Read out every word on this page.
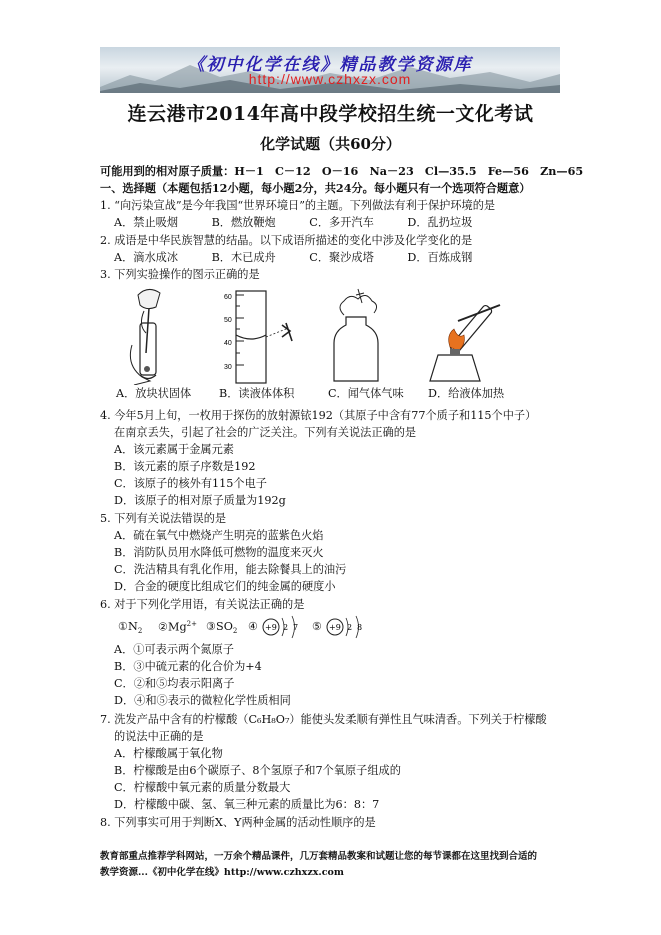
《初中化学在线》精品教学资源库
http://www.czhxzx.com
连云港市2014年高中段学校招生统一文化考试
化学试题（共60分）
可能用到的相对原子质量：H－1　C－12　O－16　Na－23　Cl—35.5　Fe—56　Zn—65
一、选择题（本题包括12小题，每小题2分，共24分。每小题只有一个选项符合题意）
1. “向污染宣战”是今年我国“世界环境日”的主题。下列做法有利于保护环境的是
A．禁止吸烟　　　B．燃放鞭炮　　　C．多开汽车　　　D．乱扔垃圾
2. 成语是中华民族智慧的结晶。以下成语所描述的变化中涉及化学变化的是
A．滴水成冰　　　B．木已成舟　　　C．聚沙成塔　　　D．百炼成钢
3. 下列实验操作的图示正确的是
60
50
40
30
A．放块状固体 B．读液体体积	C．闻气体气味 D．给液体加热
4. 今年5月上旬，一枚用于探伤的放射源铱192（其原子中含有77个质子和115个中子）
在南京丢失，引起了社会的广泛关注。下列有关说法正确的是
A．该元素属于金属元素
B．该元素的原子序数是192
C．该原子的核外有115个电子
D．该原子的相对原子质量为192g
5. 下列有关说法错误的是
A．硫在氧气中燃烧产生明亮的蓝紫色火焰
B．消防队员用水降低可燃物的温度来灭火
C．洗洁精具有乳化作用，能去除餐具上的油污
D．合金的硬度比组成它们的纯金属的硬度小
6. 对于下列化学用语，有关说法正确的是
$①N_2$ $②Mg^{2+}$ $③SO_2$ ④ +9 2 7 ⑤ +9 2 8
A．①可表示两个氮原子
B．③中硫元素的化合价为+4
C．②和⑤均表示阳离子
D．④和⑤表示的微粒化学性质相同
7. 洗发产品中含有的柠檬酸（C₆H₈O₇）能使头发柔顺有弹性且气味清香。下列关于柠檬酸
的说法中正确的是
A．柠檬酸属于氧化物
B．柠檬酸是由6个碳原子、8个氢原子和7个氧原子组成的
C．柠檬酸中氧元素的质量分数最大
D．柠檬酸中碳、氢、氧三种元素的质量比为6：8：7
8. 下列事实可用于判断X、Y两种金属的活动性顺序的是
教育部重点推荐学科网站，一万余个精品课件，几万套精品教案和试题让您的每节课都在这里找到合适的
教学资源...《初中化学在线》http://www.czhxzx.com
